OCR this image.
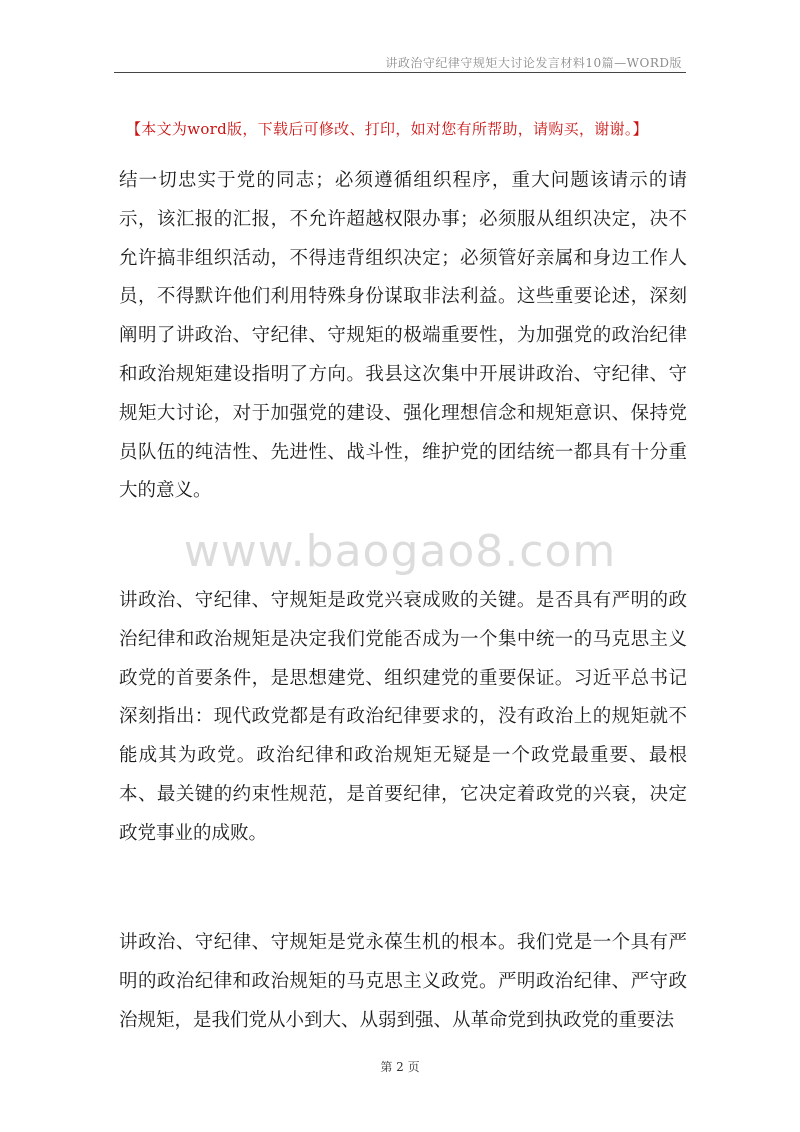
讲政治守纪律守规矩大讨论发言材料10篇—WORD版
【本文为word版，下载后可修改、打印，如对您有所帮助，请购买，谢谢。】

结一切忠实于党的同志；必须遵循组织程序，重大问题该请示的请示，该汇报的汇报，不允许超越权限办事；必须服从组织决定，决不允许搞非组织活动，不得违背组织决定；必须管好亲属和身边工作人员，不得默许他们利用特殊身份谋取非法利益。这些重要论述，深刻阐明了讲政治、守纪律、守规矩的极端重要性，为加强党的政治纪律和政治规矩建设指明了方向。我县这次集中开展讲政治、守纪律、守规矩大讨论，对于加强党的建设、强化理想信念和规矩意识、保持党员队伍的纯洁性、先进性、战斗性，维护党的团结统一都具有十分重大的意义。

www.baogao8.com

讲政治、守纪律、守规矩是政党兴衰成败的关键。是否具有严明的政治纪律和政治规矩是决定我们党能否成为一个集中统一的马克思主义政党的首要条件，是思想建党、组织建党的重要保证。习近平总书记深刻指出：现代政党都是有政治纪律要求的，没有政治上的规矩就不能成其为政党。政治纪律和政治规矩无疑是一个政党最重要、最根本、最关键的约束性规范，是首要纪律，它决定着政党的兴衰，决定政党事业的成败。

讲政治、守纪律、守规矩是党永葆生机的根本。我们党是一个具有严明的政治纪律和政治规矩的马克思主义政党。严明政治纪律、严守政治规矩，是我们党从小到大、从弱到强、从革命党到执政党的重要法

第 2 页
